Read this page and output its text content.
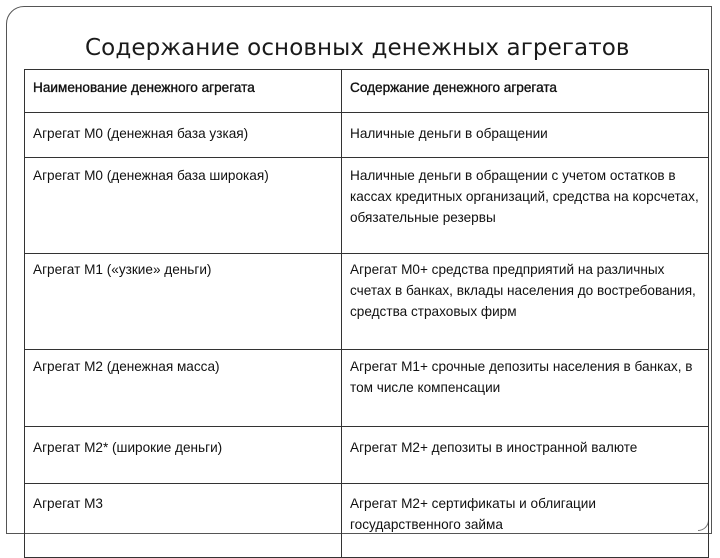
Содержание основных денежных агрегатов
Наименование денежного агрегата	Содержание денежного агрегата
Агрегат М0 (денежная база узкая)	Наличные деньги в обращении
Агрегат М0 (денежная база широкая)	Наличные деньги в обращении с учетом остатков в кассах кредитных организаций, средства на корсчетах, обязательные резервы
Агрегат М1 («узкие» деньги)	Агрегат М0+ средства предприятий на различных счетах в банках, вклады населения до востребования, средства страховых фирм
Агрегат М2 (денежная масса)	Агрегат М1+ срочные депозиты населения в банках, в том числе компенсации
Агрегат М2* (широкие деньги)	Агрегат М2+ депозиты в иностранной валюте
Агрегат М3	Агрегат М2+ сертификаты и облигации государственного займа
